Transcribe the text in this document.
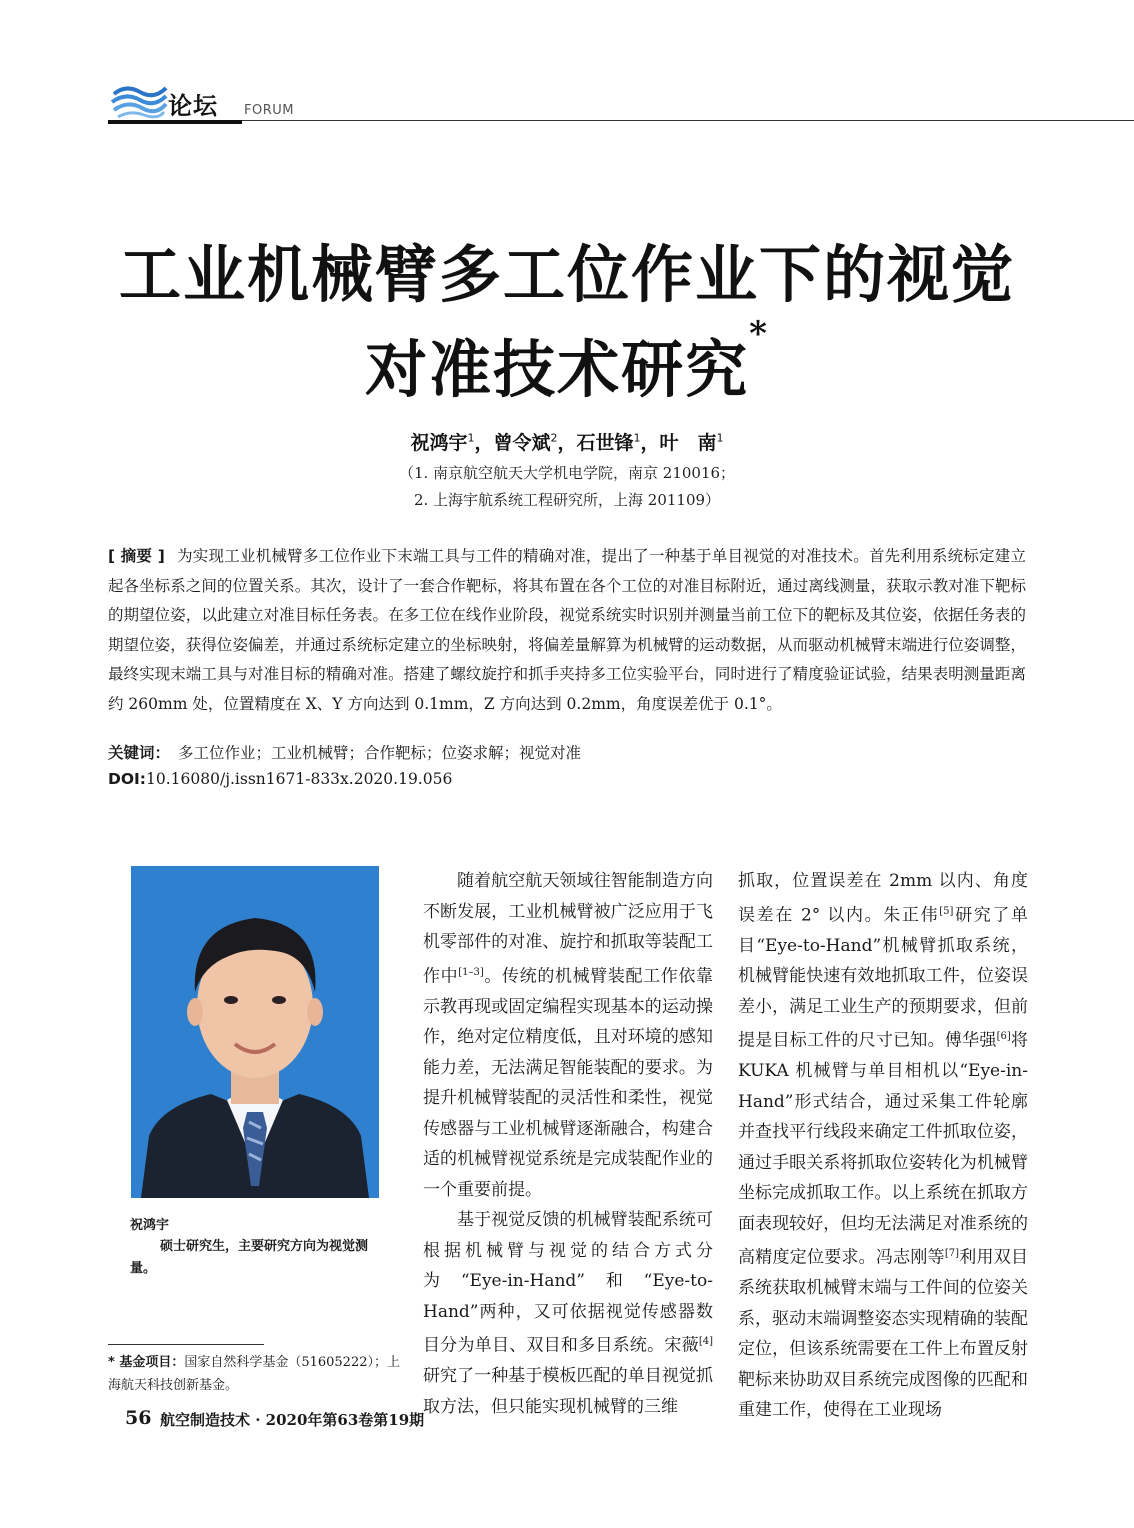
论坛 FORUM
工业机械臂多工位作业下的视觉
对准技术研究*
祝鸿宇$^1$，曾令斌$^2$，石世锋$^1$，叶　南$^1$
（1. 南京航空航天大学机电学院，南京 210016；
2. 上海宇航系统工程研究所，上海 201109）
[ 摘要 ] 为实现工业机械臂多工位作业下末端工具与工件的精确对准，提出了一种基于单目视觉的对准技术。首先利用系统标定建立起各坐标系之间的位置关系。其次，设计了一套合作靶标，将其布置在各个工位的对准目标附近，通过离线测量，获取示教对准下靶标的期望位姿，以此建立对准目标任务表。在多工位在线作业阶段，视觉系统实时识别并测量当前工位下的靶标及其位姿，依据任务表的期望位姿，获得位姿偏差，并通过系统标定建立的坐标映射，将偏差量解算为机械臂的运动数据，从而驱动机械臂末端进行位姿调整，最终实现末端工具与对准目标的精确对准。搭建了螺纹旋拧和抓手夹持多工位实验平台，同时进行了精度验证试验，结果表明测量距离约 260mm 处，位置精度在 X、Y 方向达到 0.1mm，Z 方向达到 0.2mm，角度误差优于 0.1°。
关键词： 多工位作业；工业机械臂；合作靶标；位姿求解；视觉对准
DOI:10.16080/j.issn1671-833x.2020.19.056
祝鸿宇
硕士研究生，主要研究方向为视觉测量。
* 基金项目：国家自然科学基金（51605222）；上海航天科技创新基金。

随着航空航天领域往智能制造方向不断发展，工业机械臂被广泛应用于飞机零部件的对准、旋拧和抓取等装配工作中[1–3]。传统的机械臂装配工作依靠示教再现或固定编程实现基本的运动操作，绝对定位精度低，且对环境的感知能力差，无法满足智能装配的要求。为提升机械臂装配的灵活性和柔性，视觉传感器与工业机械臂逐渐融合，构建合适的机械臂视觉系统是完成装配作业的一个重要前提。

基于视觉反馈的机械臂装配系统可根据机械臂与视觉的结合方式分为“Eye-in-Hand”和“Eye-to-Hand”两种，又可依据视觉传感器数目分为单目、双目和多目系统。宋薇[4]研究了一种基于模板匹配的单目视觉抓取方法，但只能实现机械臂的三维

抓取，位置误差在 2mm 以内、角度误差在 2° 以内。朱正伟[5]研究了单目“Eye-to-Hand”机械臂抓取系统，机械臂能快速有效地抓取工件，位姿误差小，满足工业生产的预期要求，但前提是目标工件的尺寸已知。傅华强[6]将 KUKA 机械臂与单目相机以“Eye-in-Hand”形式结合，通过采集工件轮廓并查找平行线段来确定工件抓取位姿，通过手眼关系将抓取位姿转化为机械臂坐标完成抓取工作。以上系统在抓取方面表现较好，但均无法满足对准系统的高精度定位要求。冯志刚等[7]利用双目系统获取机械臂末端与工件间的位姿关系，驱动末端调整姿态实现精确的装配定位，但该系统需要在工件上布置反射靶标来协助双目系统完成图像的匹配和重建工作，使得在工业现场

56 航空制造技术 · 2020年第63卷第19期
